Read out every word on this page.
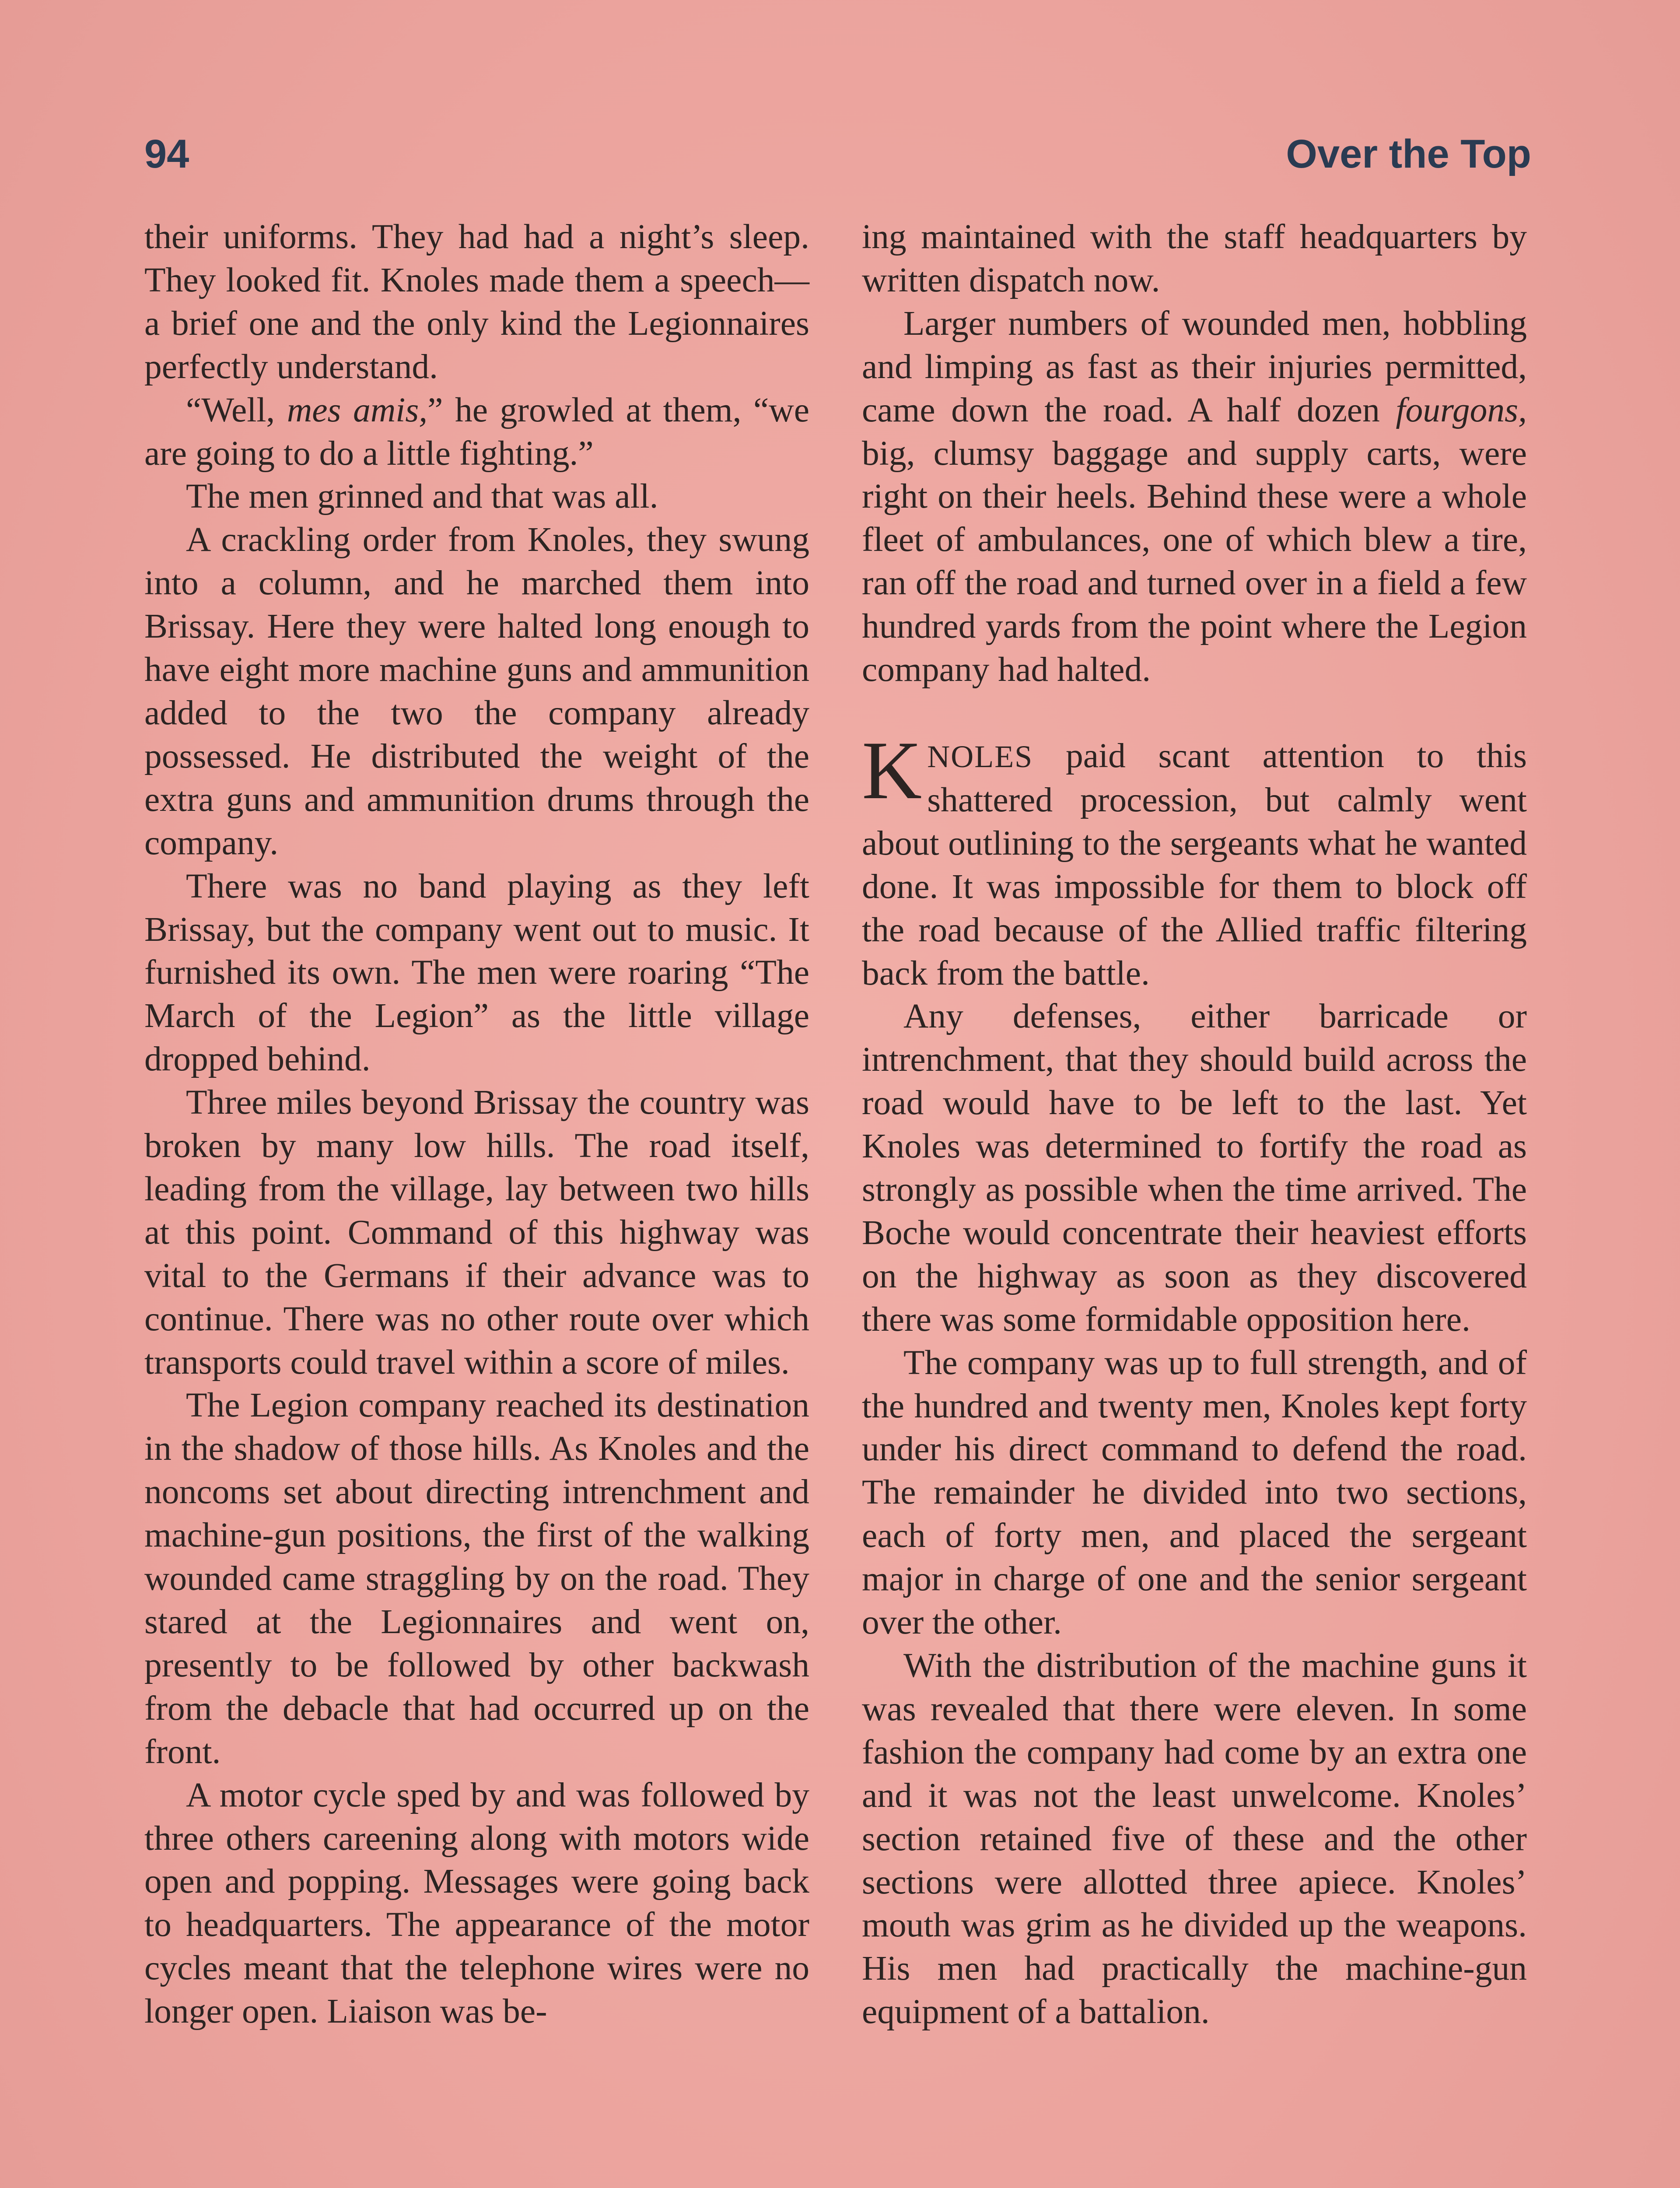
94	Over the Top

their uniforms. They had had a night’s sleep. They looked fit. Knoles made them a speech—a brief one and the only kind the Legionnaires perfectly understand.

“Well, mes amis,” he growled at them, “we are going to do a little fighting.”

The men grinned and that was all.

A crackling order from Knoles, they swung into a column, and he marched them into Brissay. Here they were halted long enough to have eight more machine guns and ammunition added to the two the company already possessed. He distributed the weight of the extra guns and ammunition drums through the company.

There was no band playing as they left Brissay, but the company went out to music. It furnished its own. The men were roaring “The March of the Legion” as the little village dropped behind.

Three miles beyond Brissay the country was broken by many low hills. The road itself, leading from the village, lay between two hills at this point. Command of this highway was vital to the Germans if their advance was to continue. There was no other route over which transports could travel within a score of miles.

The Legion company reached its destination in the shadow of those hills. As Knoles and the noncoms set about directing intrenchment and machine-gun positions, the first of the walking wounded came straggling by on the road. They stared at the Legionnaires and went on, presently to be followed by other backwash from the debacle that had occurred up on the front.

A motor cycle sped by and was followed by three others careening along with motors wide open and popping. Messages were going back to headquarters. The appearance of the motor cycles meant that the telephone wires were no longer open. Liaison was be-

ing maintained with the staff headquarters by written dispatch now.

Larger numbers of wounded men, hobbling and limping as fast as their injuries permitted, came down the road. A half dozen fourgons, big, clumsy baggage and supply carts, were right on their heels. Behind these were a whole fleet of ambulances, one of which blew a tire, ran off the road and turned over in a field a few hundred yards from the point where the Legion company had halted.

KNOLES paid scant attention to this shattered procession, but calmly went about outlining to the sergeants what he wanted done. It was impossible for them to block off the road because of the Allied traffic filtering back from the battle.

Any defenses, either barricade or intrenchment, that they should build across the road would have to be left to the last. Yet Knoles was determined to fortify the road as strongly as possible when the time arrived. The Boche would concentrate their heaviest efforts on the highway as soon as they discovered there was some formidable opposition here.

The company was up to full strength, and of the hundred and twenty men, Knoles kept forty under his direct command to defend the road. The remainder he divided into two sections, each of forty men, and placed the sergeant major in charge of one and the senior sergeant over the other.

With the distribution of the machine guns it was revealed that there were eleven. In some fashion the company had come by an extra one and it was not the least unwelcome. Knoles’ section retained five of these and the other sections were allotted three apiece. Knoles’ mouth was grim as he divided up the weapons. His men had practically the machine-gun equipment of a battalion.
